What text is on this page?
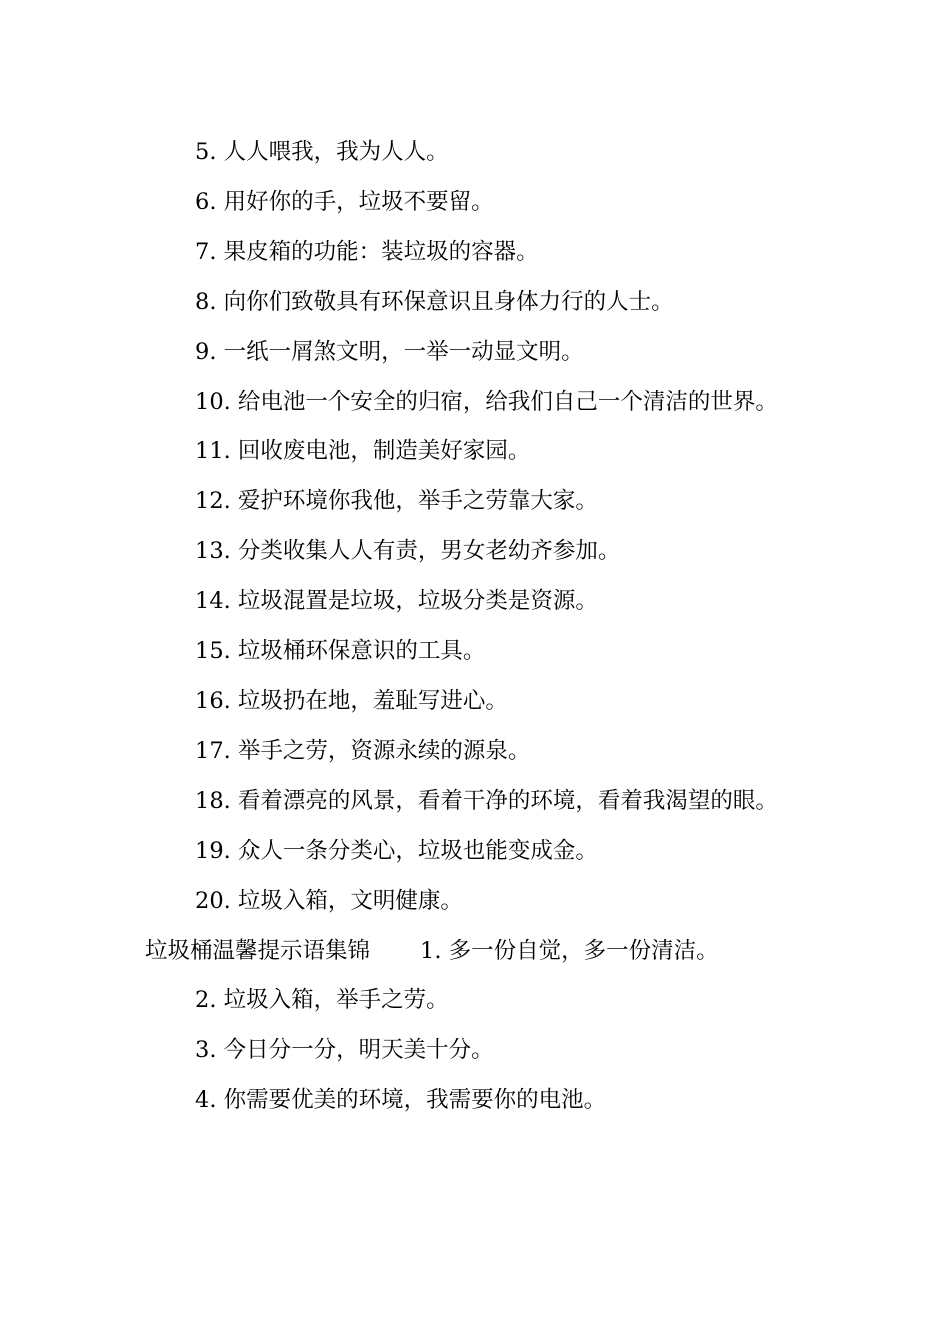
5. 人人喂我，我为人人。

6. 用好你的手，垃圾不要留。

7. 果皮箱的功能：装垃圾的容器。

8. 向你们致敬具有环保意识且身体力行的人士。

9. 一纸一屑煞文明，一举一动显文明。

10. 给电池一个安全的归宿，给我们自己一个清洁的世界。

11. 回收废电池，制造美好家园。

12. 爱护环境你我他，举手之劳靠大家。

13. 分类收集人人有责，男女老幼齐参加。

14. 垃圾混置是垃圾，垃圾分类是资源。

15. 垃圾桶环保意识的工具。

16. 垃圾扔在地，羞耻写进心。

17. 举手之劳，资源永续的源泉。

18. 看着漂亮的风景，看着干净的环境，看着我渴望的眼。

19. 众人一条分类心，垃圾也能变成金。

20. 垃圾入箱，文明健康。

垃圾桶温馨提示语集锦 1. 多一份自觉，多一份清洁。

2. 垃圾入箱，举手之劳。

3. 今日分一分，明天美十分。

4. 你需要优美的环境，我需要你的电池。
